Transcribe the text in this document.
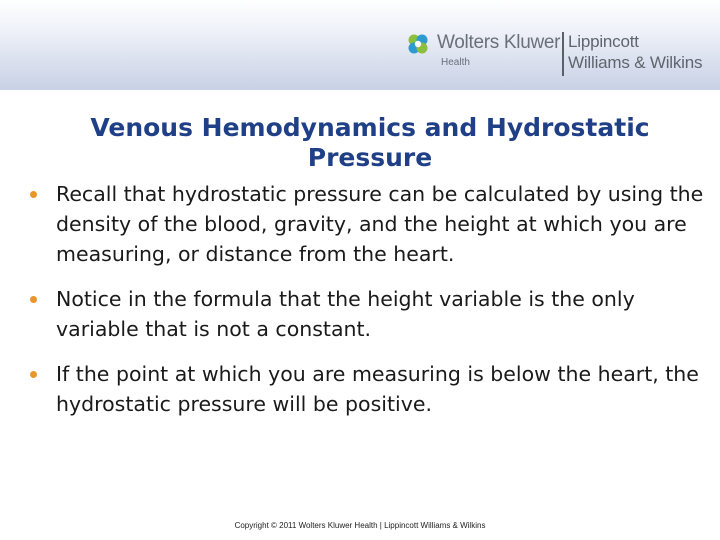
Wolters Kluwer
Health
Lippincott
Williams & Wilkins
Venous Hemodynamics and Hydrostatic Pressure
Recall that hydrostatic pressure can be calculated by using the density of the blood, gravity, and the height at which you are measuring, or distance from the heart.
Notice in the formula that the height variable is the only variable that is not a constant.
If the point at which you are measuring is below the heart, the hydrostatic pressure will be positive.
Copyright © 2011 Wolters Kluwer Health | Lippincott Williams & Wilkins
